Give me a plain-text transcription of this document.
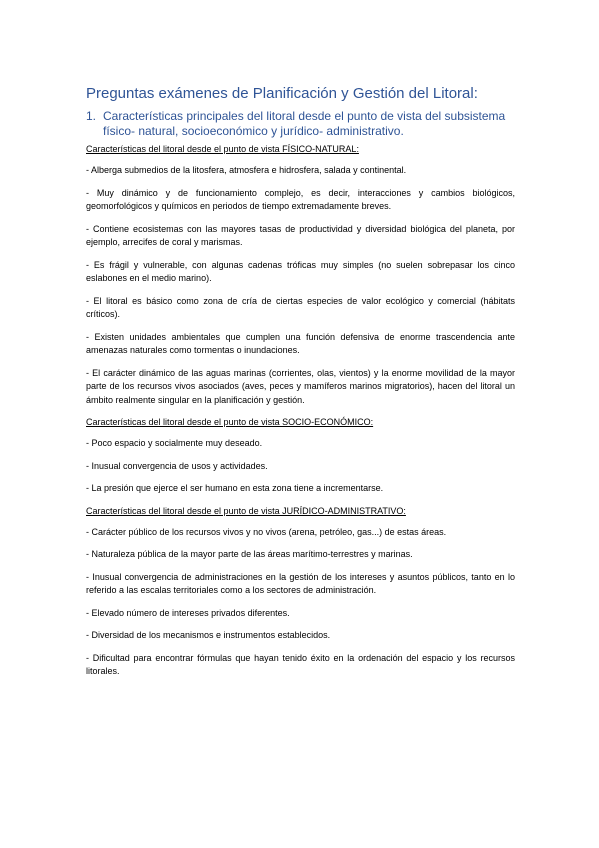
Preguntas exámenes de Planificación y Gestión del Litoral:
1. Características principales del litoral desde el punto de vista del subsistema físico- natural, socioeconómico y jurídico- administrativo.
Características del litoral desde el punto de vista FÍSICO-NATURAL:

- Alberga submedios de la litosfera, atmosfera e hidrosfera, salada y continental.

- Muy dinámico y de funcionamiento complejo, es decir, interacciones y cambios biológicos, geomorfológicos y químicos en periodos de tiempo extremadamente breves.

- Contiene ecosistemas con las mayores tasas de productividad y diversidad biológica del planeta, por ejemplo, arrecifes de coral y marismas.

- Es frágil y vulnerable, con algunas cadenas tróficas muy simples (no suelen sobrepasar los cinco eslabones en el medio marino).

- El litoral es básico como zona de cría de ciertas especies de valor ecológico y comercial (hábitats críticos).

- Existen unidades ambientales que cumplen una función defensiva de enorme trascendencia ante amenazas naturales como tormentas o inundaciones.

- El carácter dinámico de las aguas marinas (corrientes, olas, vientos) y la enorme movilidad de la mayor parte de los recursos vivos asociados (aves, peces y mamíferos marinos migratorios), hacen del litoral un ámbito realmente singular en la planificación y gestión.

Características del litoral desde el punto de vista SOCIO-ECONÓMICO:

- Poco espacio y socialmente muy deseado.

- Inusual convergencia de usos y actividades.

- La presión que ejerce el ser humano en esta zona tiene a incrementarse.

Características del litoral desde el punto de vista JURÍDICO-ADMINISTRATIVO:

- Carácter público de los recursos vivos y no vivos (arena, petróleo, gas...) de estas áreas.

- Naturaleza pública de la mayor parte de las áreas marítimo-terrestres y marinas.

- Inusual convergencia de administraciones en la gestión de los intereses y asuntos públicos, tanto en lo referido a las escalas territoriales como a los sectores de administración.

- Elevado número de intereses privados diferentes.

- Diversidad de los mecanismos e instrumentos establecidos.

- Dificultad para encontrar fórmulas que hayan tenido éxito en la ordenación del espacio y los recursos litorales.
